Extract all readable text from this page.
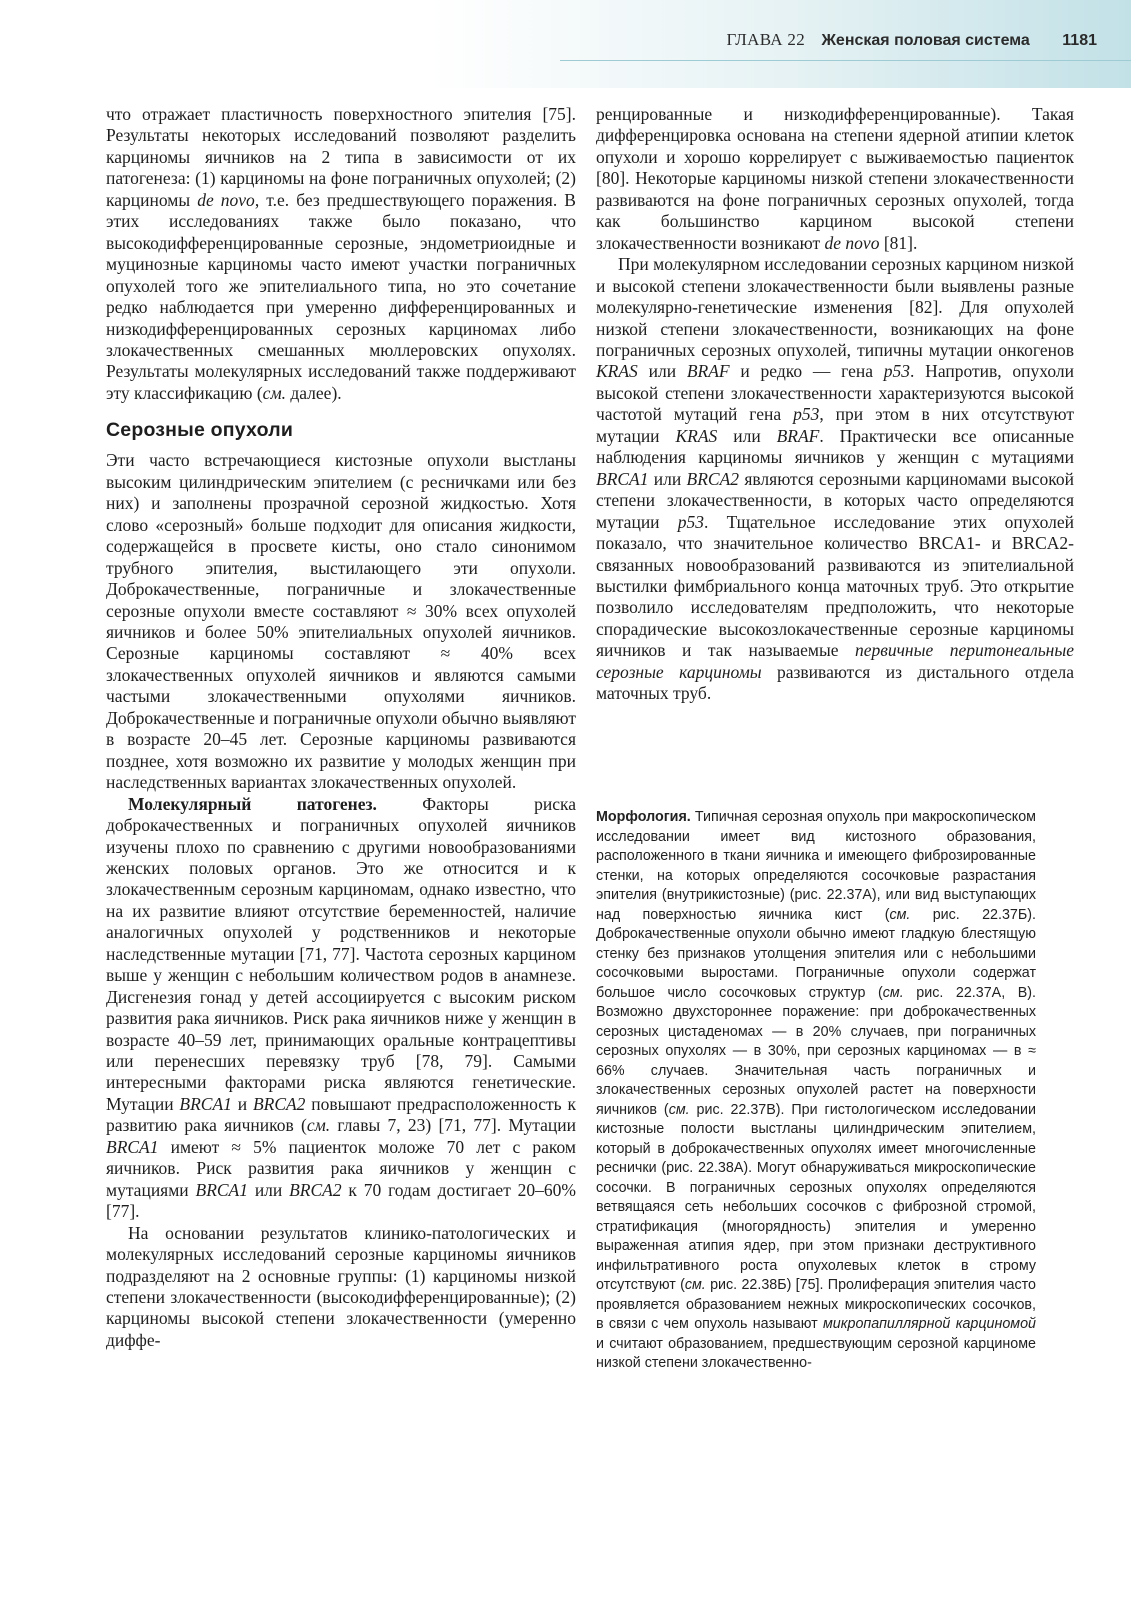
ГЛАВА 22 Женская половая система 1181

что отражает пластичность поверхностного эпителия [75]. Результаты некоторых исследований позволяют разделить карциномы яичников на 2 типа в зависимости от их патогенеза: (1) карциномы на фоне пограничных опухолей; (2) карциномы de novo, т.е. без предшествующего поражения. В этих исследованиях также было показано, что высокодифференцированные серозные, эндометриоидные и муцинозные карциномы часто имеют участки пограничных опухолей того же эпителиального типа, но это сочетание редко наблюдается при умеренно дифференцированных и низкодифференцированных серозных карциномах либо злокачественных смешанных мюллеровских опухолях. Результаты молекулярных исследований также поддерживают эту классификацию (см. далее).

Серозные опухоли

Эти часто встречающиеся кистозные опухоли выстланы высоким цилиндрическим эпителием (с ресничками или без них) и заполнены прозрачной серозной жидкостью. Хотя слово «серозный» больше подходит для описания жидкости, содержащейся в просвете кисты, оно стало синонимом трубного эпителия, выстилающего эти опухоли. Доброкачественные, пограничные и злокачественные серозные опухоли вместе составляют ≈ 30% всех опухолей яичников и более 50% эпителиальных опухолей яичников. Серозные карциномы составляют ≈ 40% всех злокачественных опухолей яичников и являются самыми частыми злокачественными опухолями яичников. Доброкачественные и пограничные опухоли обычно выявляют в возрасте 20–45 лет. Серозные карциномы развиваются позднее, хотя возможно их развитие у молодых женщин при наследственных вариантах злокачественных опухолей.

Молекулярный патогенез. Факторы риска доброкачественных и пограничных опухолей яичников изучены плохо по сравнению с другими новообразованиями женских половых органов. Это же относится и к злокачественным серозным карциномам, однако известно, что на их развитие влияют отсутствие беременностей, наличие аналогичных опухолей у родственников и некоторые наследственные мутации [71, 77]. Частота серозных карцином выше у женщин с небольшим количеством родов в анамнезе. Дисгенезия гонад у детей ассоциируется с высоким риском развития рака яичников. Риск рака яичников ниже у женщин в возрасте 40–59 лет, принимающих оральные контрацептивы или перенесших перевязку труб [78, 79]. Самыми интересными факторами риска являются генетические. Мутации BRCA1 и BRCA2 повышают предрасположенность к развитию рака яичников (см. главы 7, 23) [71, 77]. Мутации BRCA1 имеют ≈ 5% пациенток моложе 70 лет с раком яичников. Риск развития рака яичников у женщин с мутациями BRCA1 или BRCA2 к 70 годам достигает 20–60% [77].

На основании результатов клинико-патологических и молекулярных исследований серозные карциномы яичников подразделяют на 2 основные группы: (1) карциномы низкой степени злокачественности (высокодифференцированные); (2) карциномы высокой степени злокачественности (умеренно диффе-

ренцированные и низкодифференцированные). Такая дифференцировка основана на степени ядерной атипии клеток опухоли и хорошо коррелирует с выживаемостью пациенток [80]. Некоторые карциномы низкой степени злокачественности развиваются на фоне пограничных серозных опухолей, тогда как большинство карцином высокой степени злокачественности возникают de novo [81].

При молекулярном исследовании серозных карцином низкой и высокой степени злокачественности были выявлены разные молекулярно-генетические изменения [82]. Для опухолей низкой степени злокачественности, возникающих на фоне пограничных серозных опухолей, типичны мутации онкогенов KRAS или BRAF и редко — гена p53. Напротив, опухоли высокой степени злокачественности характеризуются высокой частотой мутаций гена p53, при этом в них отсутствуют мутации KRAS или BRAF. Практически все описанные наблюдения карциномы яичников у женщин с мутациями BRCA1 или BRCA2 являются серозными карциномами высокой степени злокачественности, в которых часто определяются мутации p53. Тщательное исследование этих опухолей показало, что значительное количество BRCA1- и BRCA2-связанных новообразований развиваются из эпителиальной выстилки фимбриального конца маточных труб. Это открытие позволило исследователям предположить, что некоторые спорадические высокозлокачественные серозные карциномы яичников и так называемые первичные перитонеальные серозные карциномы развиваются из дистального отдела маточных труб.

Морфология. Типичная серозная опухоль при макроскопическом исследовании имеет вид кистозного образования, расположенного в ткани яичника и имеющего фиброзированные стенки, на которых определяются сосочковые разрастания эпителия (внутрикистозные) (рис. 22.37А), или вид выступающих над поверхностью яичника кист (см. рис. 22.37Б). Доброкачественные опухоли обычно имеют гладкую блестящую стенку без признаков утолщения эпителия или с небольшими сосочковыми выростами. Пограничные опухоли содержат большое число сосочковых структур (см. рис. 22.37А, В). Возможно двухстороннее поражение: при доброкачественных серозных цистаденомах — в 20% случаев, при пограничных серозных опухолях — в 30%, при серозных карциномах — в ≈ 66% случаев. Значительная часть пограничных и злокачественных серозных опухолей растет на поверхности яичников (см. рис. 22.37В). При гистологическом исследовании кистозные полости выстланы цилиндрическим эпителием, который в доброкачественных опухолях имеет многочисленные реснички (рис. 22.38А). Могут обнаруживаться микроскопические сосочки. В пограничных серозных опухолях определяются ветвящаяся сеть небольших сосочков с фиброзной стромой, стратификация (многорядность) эпителия и умеренно выраженная атипия ядер, при этом признаки деструктивного инфильтративного роста опухолевых клеток в строму отсутствуют (см. рис. 22.38Б) [75]. Пролиферация эпителия часто проявляется образованием нежных микроскопических сосочков, в связи с чем опухоль называют микропапиллярной карциномой и считают образованием, предшествующим серозной карциноме низкой степени злокачественно-
